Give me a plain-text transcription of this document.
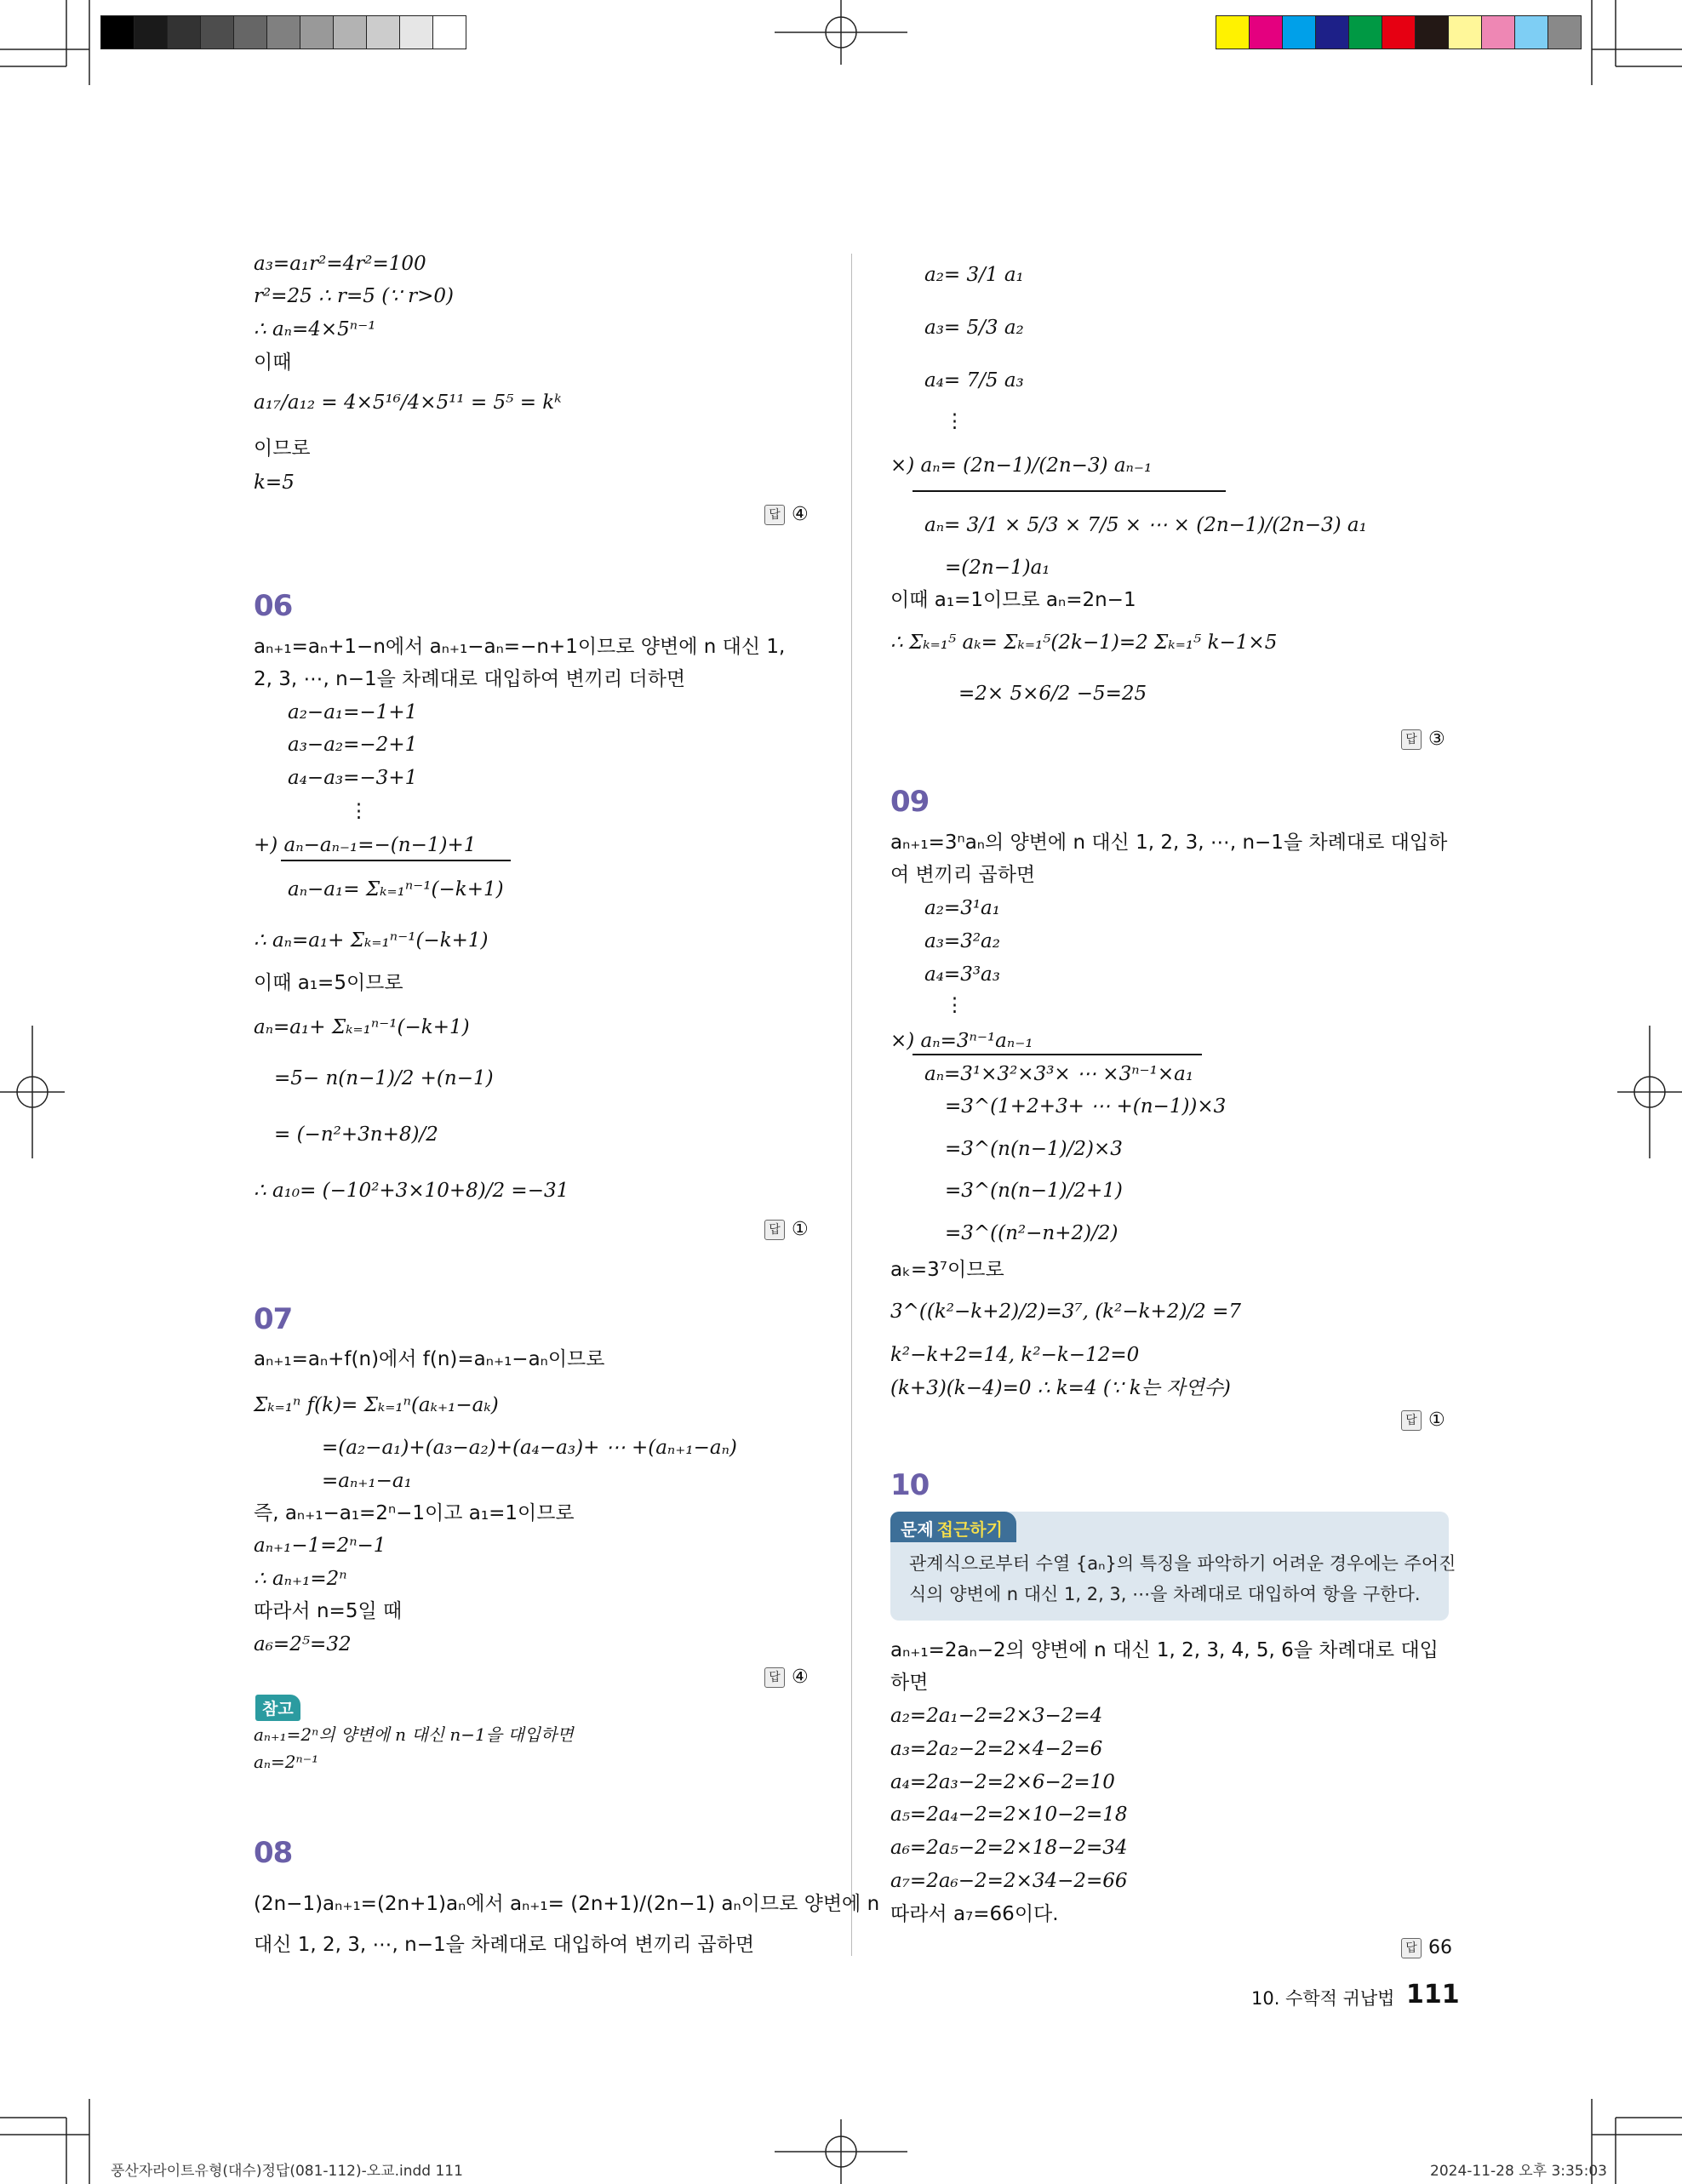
a₃=a₁r²=4r²=100
r²=25 ∴ r=5 (∵ r>0)
∴ aₙ=4×5ⁿ⁻¹
이때
a₁₇/a₁₂ = 4×5¹⁶/4×5¹¹ = 5⁵ = kᵏ
이므로
k=5
답 ④
06
aₙ₊₁=aₙ+1−n에서 aₙ₊₁−aₙ=−n+1이므로 양변에 n 대신 1,
2, 3, ⋯, n−1을 차례대로 대입하여 변끼리 더하면
a₂−a₁=−1+1
a₃−a₂=−2+1
a₄−a₃=−3+1
⋮
+) aₙ−aₙ₋₁=−(n−1)+1
aₙ−a₁= Σₖ₌₁ⁿ⁻¹(−k+1)
∴ aₙ=a₁+ Σₖ₌₁ⁿ⁻¹(−k+1)
이때 a₁=5이므로
aₙ=a₁+ Σₖ₌₁ⁿ⁻¹(−k+1)
=5− n(n−1)/2 +(n−1)
= (−n²+3n+8)/2
∴ a₁₀= (−10²+3×10+8)/2 =−31
답 ①
07
aₙ₊₁=aₙ+f(n)에서 f(n)=aₙ₊₁−aₙ이므로
Σₖ₌₁ⁿ f(k)= Σₖ₌₁ⁿ(aₖ₊₁−aₖ)
=(a₂−a₁)+(a₃−a₂)+(a₄−a₃)+ ⋯ +(aₙ₊₁−aₙ)
=aₙ₊₁−a₁
즉, aₙ₊₁−a₁=2ⁿ−1이고 a₁=1이므로
aₙ₊₁−1=2ⁿ−1
∴ aₙ₊₁=2ⁿ
따라서 n=5일 때
a₆=2⁵=32
답 ④
참고
aₙ₊₁=2ⁿ의 양변에 n 대신 n−1을 대입하면
aₙ=2ⁿ⁻¹
08
(2n−1)aₙ₊₁=(2n+1)aₙ에서 aₙ₊₁= (2n+1)/(2n−1) aₙ이므로 양변에 n
대신 1, 2, 3, ⋯, n−1을 차례대로 대입하여 변끼리 곱하면
a₂= 3/1 a₁
a₃= 5/3 a₂
a₄= 7/5 a₃
⋮
×) aₙ= (2n−1)/(2n−3) aₙ₋₁
aₙ= 3/1 × 5/3 × 7/5 × ⋯ × (2n−1)/(2n−3) a₁
=(2n−1)a₁
이때 a₁=1이므로 aₙ=2n−1
∴ Σₖ₌₁⁵ aₖ= Σₖ₌₁⁵(2k−1)=2 Σₖ₌₁⁵ k−1×5
=2× 5×6/2 −5=25
답 ③
09
aₙ₊₁=3ⁿaₙ의 양변에 n 대신 1, 2, 3, ⋯, n−1을 차례대로 대입하
여 변끼리 곱하면
a₂=3¹a₁
a₃=3²a₂
a₄=3³a₃
⋮
×) aₙ=3ⁿ⁻¹aₙ₋₁
aₙ=3¹×3²×3³× ⋯ ×3ⁿ⁻¹×a₁
=3^(1+2+3+ ⋯ +(n−1))×3
=3^(n(n−1)/2)×3
=3^(n(n−1)/2+1)
=3^((n²−n+2)/2)
aₖ=3⁷이므로
3^((k²−k+2)/2)=3⁷, (k²−k+2)/2 =7
k²−k+2=14, k²−k−12=0
(k+3)(k−4)=0 ∴ k=4 (∵ k는 자연수)
답 ①
10
문제 접근하기
관계식으로부터 수열 {aₙ}의 특징을 파악하기 어려운 경우에는 주어진
식의 양변에 n 대신 1, 2, 3, ⋯을 차례대로 대입하여 항을 구한다.
aₙ₊₁=2aₙ−2의 양변에 n 대신 1, 2, 3, 4, 5, 6을 차례대로 대입
하면
a₂=2a₁−2=2×3−2=4
a₃=2a₂−2=2×4−2=6
a₄=2a₃−2=2×6−2=10
a₅=2a₄−2=2×10−2=18
a₆=2a₅−2=2×18−2=34
a₇=2a₆−2=2×34−2=66
따라서 a₇=66이다.
답 66
10. 수학적 귀납법 111
풍산자라이트유형(대수)정답(081-112)-오교.indd 111	2024-11-28 오후 3:35:03
